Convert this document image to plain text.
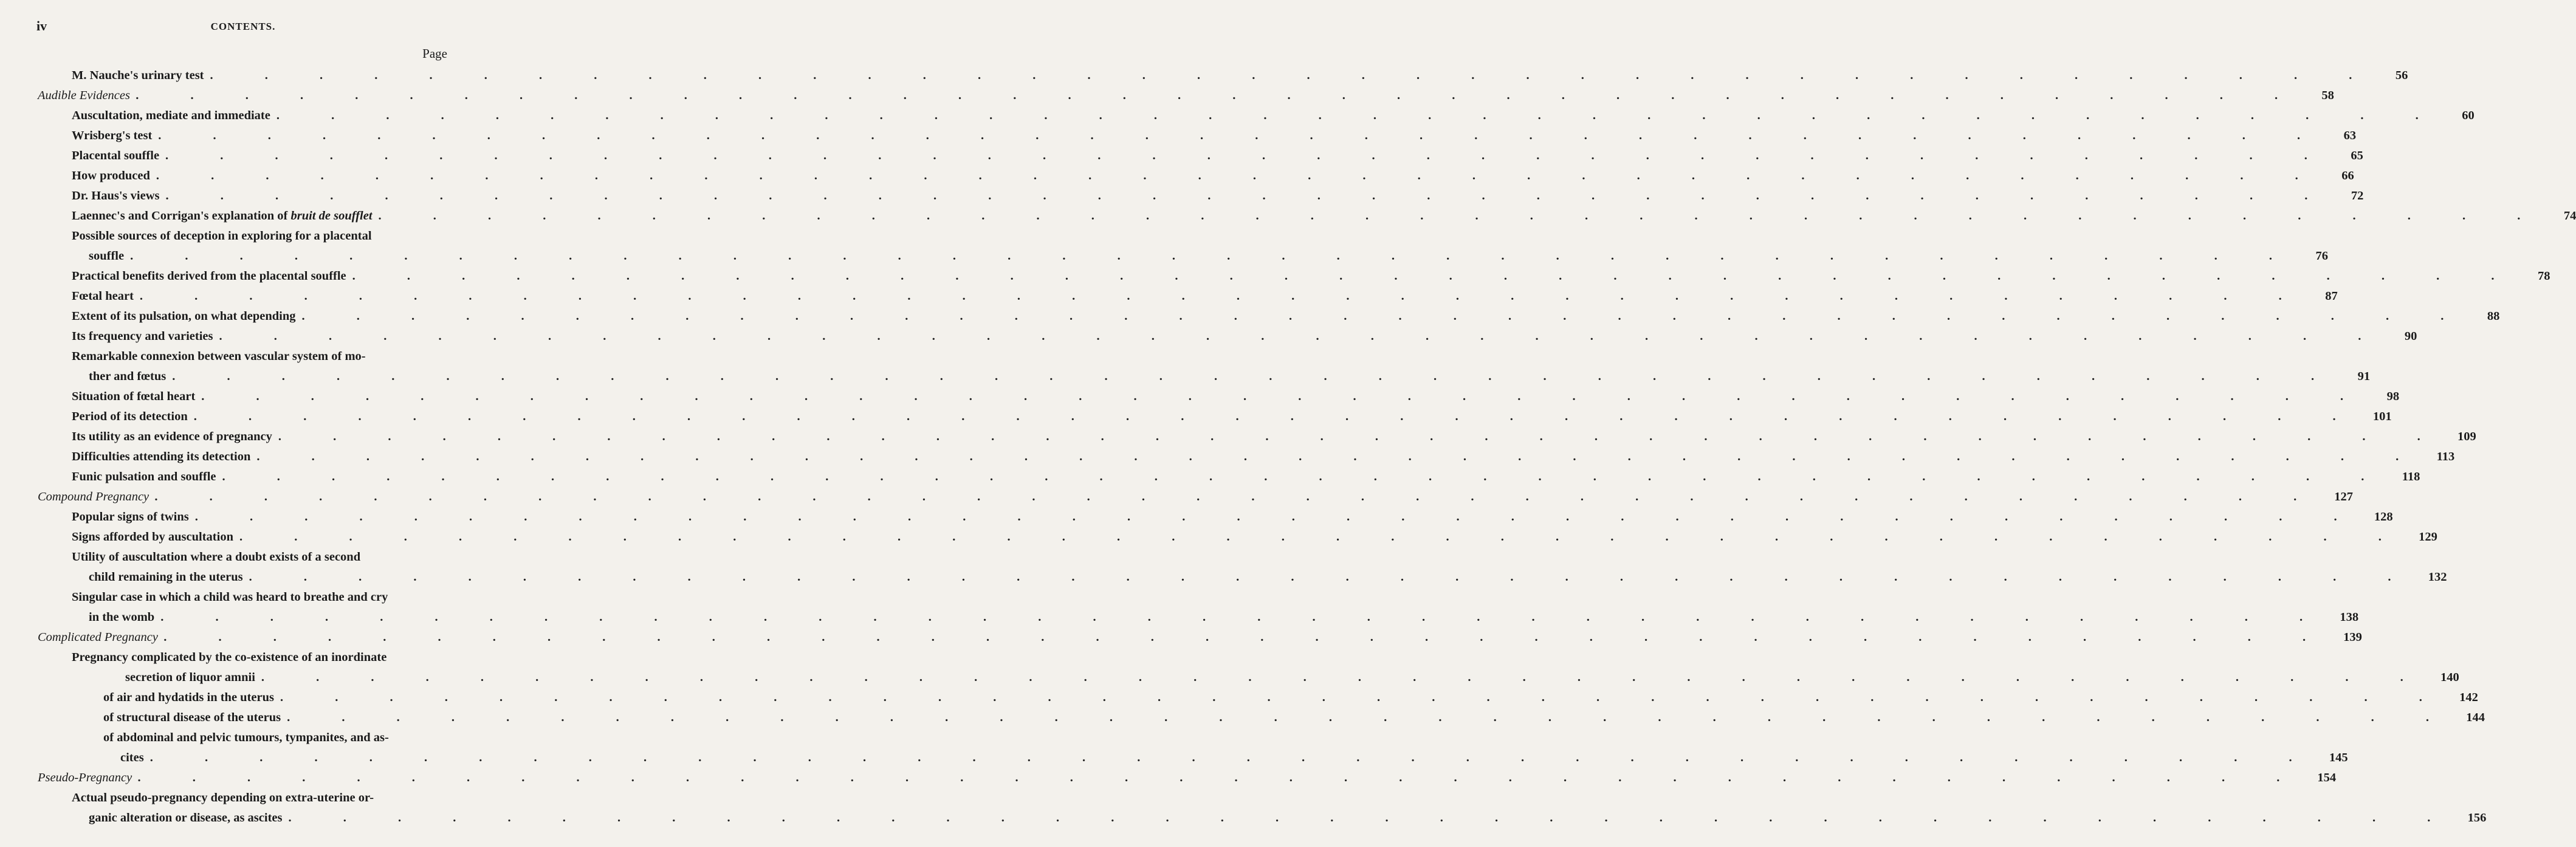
iv	CONTENTS.
Page
M. Nauche's urinary test . . . . . . . . . . . . . . . . . . . . . . . . . . . . . . . . . . . . . . . .	56
Audible Evidences . . . . . . . . . . . . . . . . . . . . . . . . . . . . . . . . . . . . . . . .	58
Auscultation, mediate and immediate . . . . . . . . . . . . . . . . . . . . . . . . . . . . . . . . . . . . . . . .	60
Wrisberg's test . . . . . . . . . . . . . . . . . . . . . . . . . . . . . . . . . . . . . . . .	63
Placental souffle . . . . . . . . . . . . . . . . . . . . . . . . . . . . . . . . . . . . . . . .	65
How produced . . . . . . . . . . . . . . . . . . . . . . . . . . . . . . . . . . . . . . . .	66
Dr. Haus's views . . . . . . . . . . . . . . . . . . . . . . . . . . . . . . . . . . . . . . . .	72
Laennec's and Corrigan's explanation of bruit de soufflet . . . . . . . . . . . . . . . . . . . . . . . . . . . . . . . . . . . . . . . .	74
Possible sources of deception in exploring for a placental
souffle . . . . . . . . . . . . . . . . . . . . . . . . . . . . . . . . . . . . . . . .	76
Practical benefits derived from the placental souffle . . . . . . . . . . . . . . . . . . . . . . . . . . . . . . . . . . . . . . . .	78
Fœtal heart . . . . . . . . . . . . . . . . . . . . . . . . . . . . . . . . . . . . . . . .	87
Extent of its pulsation, on what depending . . . . . . . . . . . . . . . . . . . . . . . . . . . . . . . . . . . . . . . .	88
Its frequency and varieties . . . . . . . . . . . . . . . . . . . . . . . . . . . . . . . . . . . . . . . .	90
Remarkable connexion between vascular system of mo-
ther and fœtus . . . . . . . . . . . . . . . . . . . . . . . . . . . . . . . . . . . . . . . .	91
Situation of fœtal heart . . . . . . . . . . . . . . . . . . . . . . . . . . . . . . . . . . . . . . . .	98
Period of its detection . . . . . . . . . . . . . . . . . . . . . . . . . . . . . . . . . . . . . . . .	101
Its utility as an evidence of pregnancy . . . . . . . . . . . . . . . . . . . . . . . . . . . . . . . . . . . . . . . .	109
Difficulties attending its detection . . . . . . . . . . . . . . . . . . . . . . . . . . . . . . . . . . . . . . . .	113
Funic pulsation and souffle . . . . . . . . . . . . . . . . . . . . . . . . . . . . . . . . . . . . . . . .	118
Compound Pregnancy . . . . . . . . . . . . . . . . . . . . . . . . . . . . . . . . . . . . . . . .	127
Popular signs of twins . . . . . . . . . . . . . . . . . . . . . . . . . . . . . . . . . . . . . . . .	128
Signs afforded by auscultation . . . . . . . . . . . . . . . . . . . . . . . . . . . . . . . . . . . . . . . .	129
Utility of auscultation where a doubt exists of a second
child remaining in the uterus . . . . . . . . . . . . . . . . . . . . . . . . . . . . . . . . . . . . . . . .	132
Singular case in which a child was heard to breathe and cry
in the womb . . . . . . . . . . . . . . . . . . . . . . . . . . . . . . . . . . . . . . . .	138
Complicated Pregnancy . . . . . . . . . . . . . . . . . . . . . . . . . . . . . . . . . . . . . . . .	139
Pregnancy complicated by the co-existence of an inordinate
secretion of liquor amnii . . . . . . . . . . . . . . . . . . . . . . . . . . . . . . . . . . . . . . . .	140
of air and hydatids in the uterus . . . . . . . . . . . . . . . . . . . . . . . . . . . . . . . . . . . . . . . .	142
of structural disease of the uterus . . . . . . . . . . . . . . . . . . . . . . . . . . . . . . . . . . . . . . . .	144
of abdominal and pelvic tumours, tympanites, and as-
cites . . . . . . . . . . . . . . . . . . . . . . . . . . . . . . . . . . . . . . . .	145
Pseudo-Pregnancy . . . . . . . . . . . . . . . . . . . . . . . . . . . . . . . . . . . . . . . .	154
Actual pseudo-pregnancy depending on extra-uterine or-
ganic alteration or disease, as ascites . . . . . . . . . . . . . . . . . . . . . . . . . . . . . . . . . . . . . . . .	156
